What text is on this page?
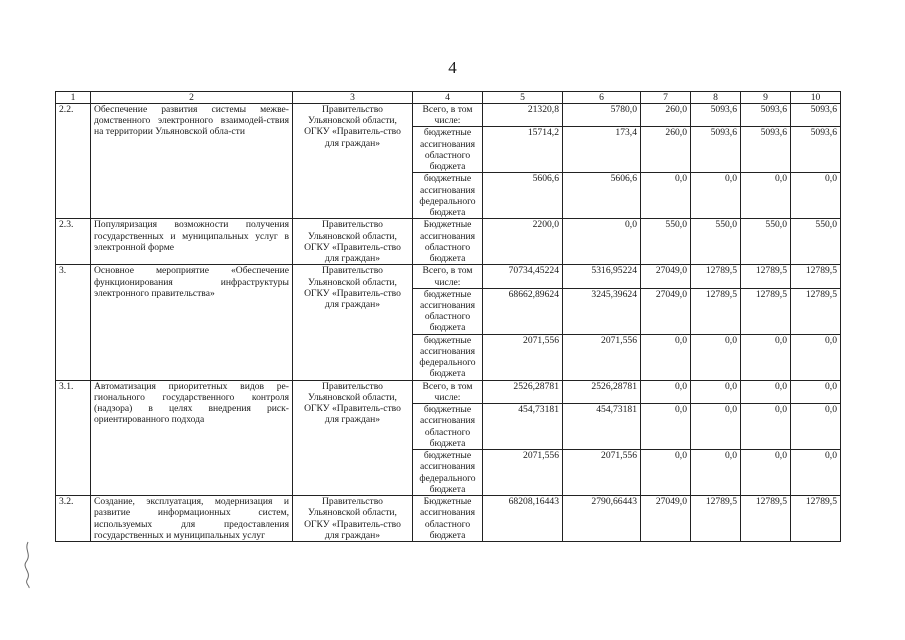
4
1	2	3	4	5	6	7	8	9	10
2.2.	Обеспечение развития системы межве-домственного электронного взаимодей-ствия на территории Ульяновской обла-сти	Правительство Ульяновской области, ОГКУ «Правитель-ство для граждан»	Всего, в том числе:	21320,8	5780,0	260,0	5093,6	5093,6	5093,6
			бюджетные ассигнования областного бюджета	15714,2	173,4	260,0	5093,6	5093,6	5093,6
			бюджетные ассигнования федерального бюджета	5606,6	5606,6	0,0	0,0	0,0	0,0
2.3.	Популяризация возможности получения государственных и муниципальных услуг в электронной форме	Правительство Ульяновской области, ОГКУ «Правитель-ство для граждан»	Бюджетные ассигнования областного бюджета	2200,0	0,0	550,0	550,0	550,0	550,0
3.	Основное мероприятие «Обеспечение функционирования инфраструктуры электронного правительства»	Правительство Ульяновской области, ОГКУ «Правитель-ство для граждан»	Всего, в том числе:	70734,45224	5316,95224	27049,0	12789,5	12789,5	12789,5
			бюджетные ассигнования областного бюджета	68662,89624	3245,39624	27049,0	12789,5	12789,5	12789,5
			бюджетные ассигнования федерального бюджета	2071,556	2071,556	0,0	0,0	0,0	0,0
3.1.	Автоматизация приоритетных видов ре-гионального государственного контроля (надзора) в целях внедрения риск-ориентированного подхода	Правительство Ульяновской области, ОГКУ «Правитель-ство для граждан»	Всего, в том числе:	2526,28781	2526,28781	0,0	0,0	0,0	0,0
			бюджетные ассигнования областного бюджета	454,73181	454,73181	0,0	0,0	0,0	0,0
			бюджетные ассигнования федерального бюджета	2071,556	2071,556	0,0	0,0	0,0	0,0
3.2.	Создание, эксплуатация, модернизация и развитие информационных систем, используемых для предоставления государственных и муниципальных услуг	Правительство Ульяновской области, ОГКУ «Правитель-ство для граждан»	Бюджетные ассигнования областного бюджета	68208,16443	2790,66443	27049,0	12789,5	12789,5	12789,5
